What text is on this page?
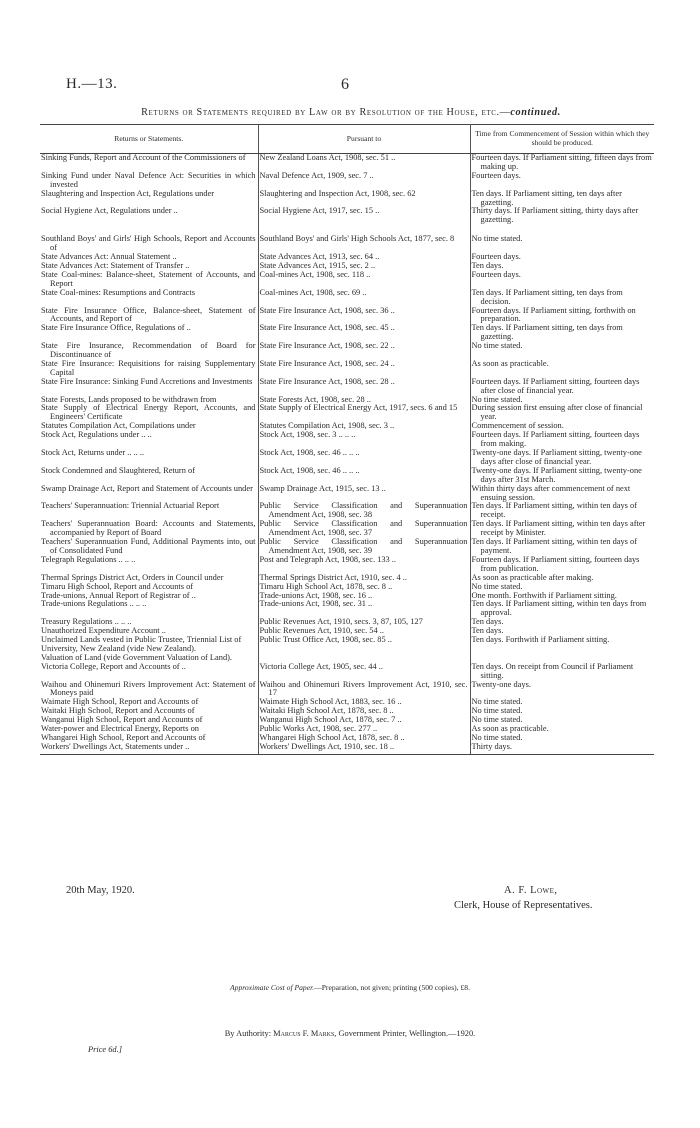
H.—13.	6
Returns or Statements required by Law or by Resolution of the House, etc.—continued.
Returns or Statements.	Pursuant to	Time from Commencement of Session within which they should be produced.

Sinking Funds, Report and Account of the Commissioners of	New Zealand Loans Act, 1908, sec. 51 ..	Fourteen days. If Parliament sitting, fifteen days from making up.

Sinking Fund under Naval Defence Act: Securities in which invested	Naval Defence Act, 1909, sec. 7 ..	Fourteen days.

Slaughtering and Inspection Act, Regulations under	Slaughtering and Inspection Act, 1908, sec. 62	Ten days. If Parliament sitting, ten days after gazetting.

Social Hygiene Act, Regulations under ..	Social Hygiene Act, 1917, sec. 15 ..	Thirty days. If Parliament sitting, thirty days after gazetting.

Southland Boys' and Girls' High Schools, Report and Accounts of	Southland Boys' and Girls' High Schools Act, 1877, sec. 8	No time stated.

State Advances Act: Annual Statement ..	State Advances Act, 1913, sec. 64 ..	Fourteen days.

State Advances Act: Statement of Transfer ..	State Advances Act, 1915, sec. 2 ..	Ten days.

State Coal-mines: Balance-sheet, Statement of Accounts, and Report	Coal-mines Act, 1908, sec. 118 ..	Fourteen days.

State Coal-mines: Resumptions and Contracts	Coal-mines Act, 1908, sec. 69 ..	Ten days. If Parliament sitting, ten days from decision.

State Fire Insurance Office, Balance-sheet, Statement of Accounts, and Report of	State Fire Insurance Act, 1908, sec. 36 ..	Fourteen days. If Parliament sitting, forthwith on preparation.

State Fire Insurance Office, Regulations of ..	State Fire Insurance Act, 1908, sec. 45 ..	Ten days. If Parliament sitting, ten days from gazetting.

State Fire Insurance, Recommendation of Board for Discontinuance of	State Fire Insurance Act, 1908, sec. 22 ..	No time stated.

State Fire Insurance: Requisitions for raising Supplementary Capital	State Fire Insurance Act, 1908, sec. 24 ..	As soon as practicable.

State Fire Insurance: Sinking Fund Accretions and Investments	State Fire Insurance Act, 1908, sec. 28 ..	Fourteen days. If Parliament sitting, fourteen days after close of financial year.

State Forests, Lands proposed to be withdrawn from	State Forests Act, 1908, sec. 28 ..	No time stated.

State Supply of Electrical Energy Report, Accounts, and Engineers' Certificate	State Supply of Electrical Energy Act, 1917, secs. 6 and 15	During session first ensuing after close of financial year.

Statutes Compilation Act, Compilations under	Statutes Compilation Act, 1908, sec. 3 ..	Commencement of session.

Stock Act, Regulations under .. ..	Stock Act, 1908, sec. 3 .. .. ..	Fourteen days. If Parliament sitting, fourteen days from making.

Stock Act, Returns under .. .. ..	Stock Act, 1908, sec. 46 .. .. ..	Twenty-one days. If Parliament sitting, twenty-one days after close of financial year.

Stock Condemned and Slaughtered, Return of	Stock Act, 1908, sec. 46 .. .. ..	Twenty-one days. If Parliament sitting, twenty-one days after 31st March.

Swamp Drainage Act, Report and Statement of Accounts under	Swamp Drainage Act, 1915, sec. 13 ..	Within thirty days after commencement of next ensuing session.

Teachers' Superannuation: Triennial Actuarial Report	Public Service Classification and Superannuation Amendment Act, 1908, sec. 38	Ten days. If Parliament sitting, within ten days of receipt.

Teachers' Superannuation Board: Accounts and Statements, accompanied by Report of Board	Public Service Classification and Superannuation Amendment Act, 1908, sec. 37	Ten days. If Parliament sitting, within ten days after receipt by Minister.

Teachers' Superannuation Fund, Additional Payments into, out of Consolidated Fund	Public Service Classification and Superannuation Amendment Act, 1908, sec. 39	Ten days. If Parliament sitting, within ten days of payment.

Telegraph Regulations .. .. ..	Post and Telegraph Act, 1908, sec. 133 ..	Fourteen days. If Parliament sitting, fourteen days from publication.

Thermal Springs District Act, Orders in Council under	Thermal Springs District Act, 1910, sec. 4 ..	As soon as practicable after making.

Timaru High School, Report and Accounts of	Timaru High School Act, 1878, sec. 8 ..	No time stated.

Trade-unions, Annual Report of Registrar of ..	Trade-unions Act, 1908, sec. 16 ..	One month. Forthwith if Parliament sitting.

Trade-unions Regulations .. .. ..	Trade-unions Act, 1908, sec. 31 ..	Ten days. If Parliament sitting, within ten days from approval.

Treasury Regulations .. .. ..	Public Revenues Act, 1910, secs. 3, 87, 105, 127	Ten days.

Unauthorized Expenditure Account ..	Public Revenues Act, 1910, sec. 54 ..	Ten days.

Unclaimed Lands vested in Public Trustee, Triennial List of	Public Trust Office Act, 1908, sec. 85 ..	Ten days. Forthwith if Parliament sitting.

University, New Zealand (vide New Zealand).		

Valuation of Land (vide Government Valuation of Land).		

Victoria College, Report and Accounts of ..	Victoria College Act, 1905, sec. 44 ..	Ten days. On receipt from Council if Parliament sitting.

Waihou and Ohinemuri Rivers Improvement Act: Statement of Moneys paid	Waihou and Ohinemuri Rivers Improvement Act, 1910, sec. 17	Twenty-one days.

Waimate High School, Report and Accounts of	Waimate High School Act, 1883, sec. 16 ..	No time stated.

Waitaki High School, Report and Accounts of	Waitaki High School Act, 1878, sec. 8 ..	No time stated.

Wanganui High School, Report and Accounts of	Wanganui High School Act, 1878, sec. 7 ..	No time stated.

Water-power and Electrical Energy, Reports on	Public Works Act, 1908, sec. 277 ..	As soon as practicable.

Whangarei High School, Report and Accounts of	Whangarei High School Act, 1878, sec. 8 ..	No time stated.

Workers' Dwellings Act, Statements under ..	Workers' Dwellings Act, 1910, sec. 18 ..	Thirty days.
20th May, 1920.	A. F. Lowe,
Clerk, House of Representatives.
Approximate Cost of Paper.—Preparation, not given; printing (500 copies), £8.
By Authority: Marcus F. Marks, Government Printer, Wellington.—1920.
Price 6d.]
